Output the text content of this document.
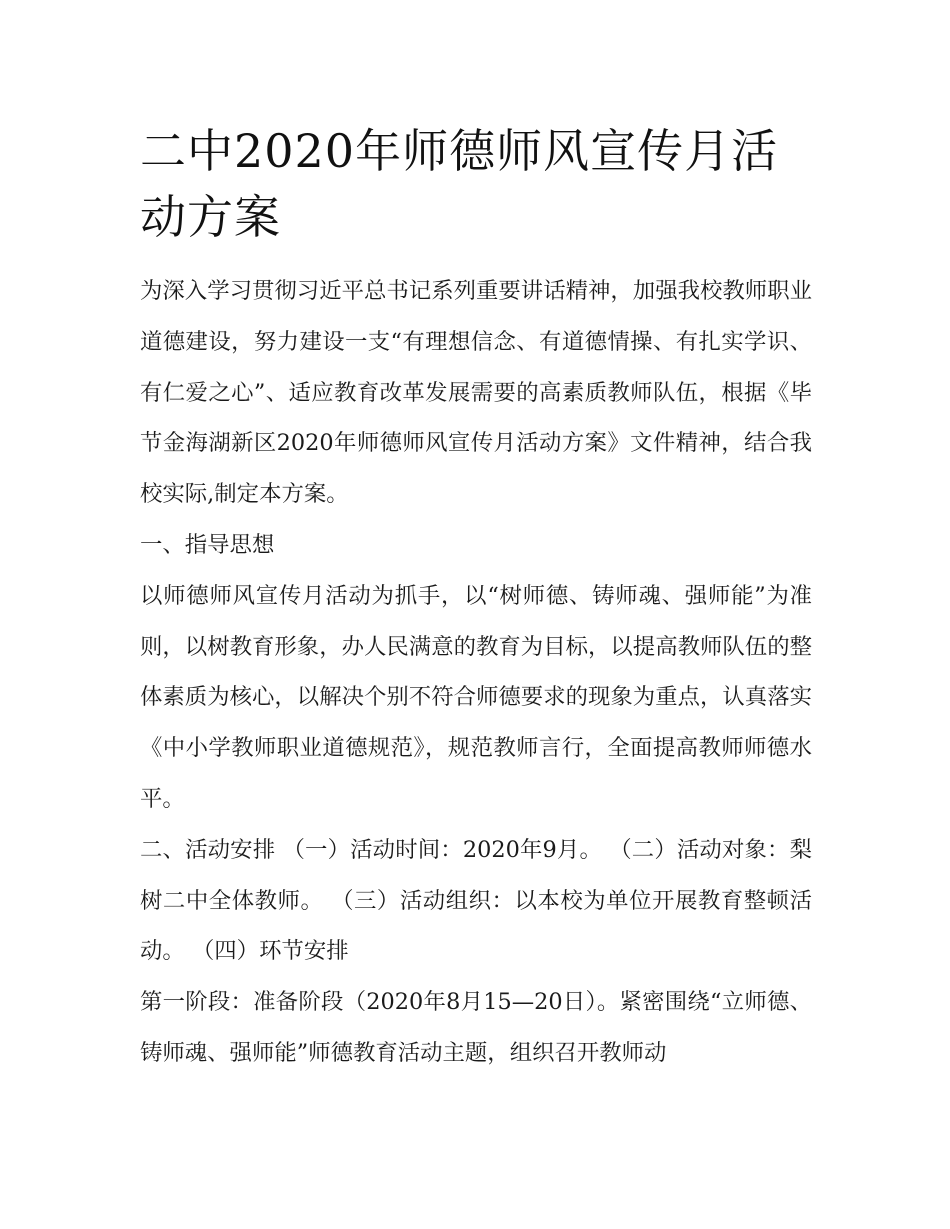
二中2020年师德师风宣传月活动方案

为深入学习贯彻习近平总书记系列重要讲话精神，加强我校教师职业道德建设，努力建设一支“有理想信念、有道德情操、有扎实学识、有仁爱之心”、适应教育改革发展需要的高素质教师队伍，根据《毕节金海湖新区2020年师德师风宣传月活动方案》文件精神，结合我校实际,制定本方案。

一、指导思想

以师德师风宣传月活动为抓手，以“树师德、铸师魂、强师能”为准则，以树教育形象，办人民满意的教育为目标，以提高教师队伍的整体素质为核心，以解决个别不符合师德要求的现象为重点，认真落实《中小学教师职业道德规范》，规范教师言行，全面提高教师师德水平。

二、活动安排 （一）活动时间：2020年9月。 （二）活动对象：梨树二中全体教师。 （三）活动组织：以本校为单位开展教育整顿活动。 （四）环节安排

第一阶段：准备阶段（2020年8月15—20日）。紧密围绕“立师德、铸师魂、强师能”师德教育活动主题，组织召开教师动
